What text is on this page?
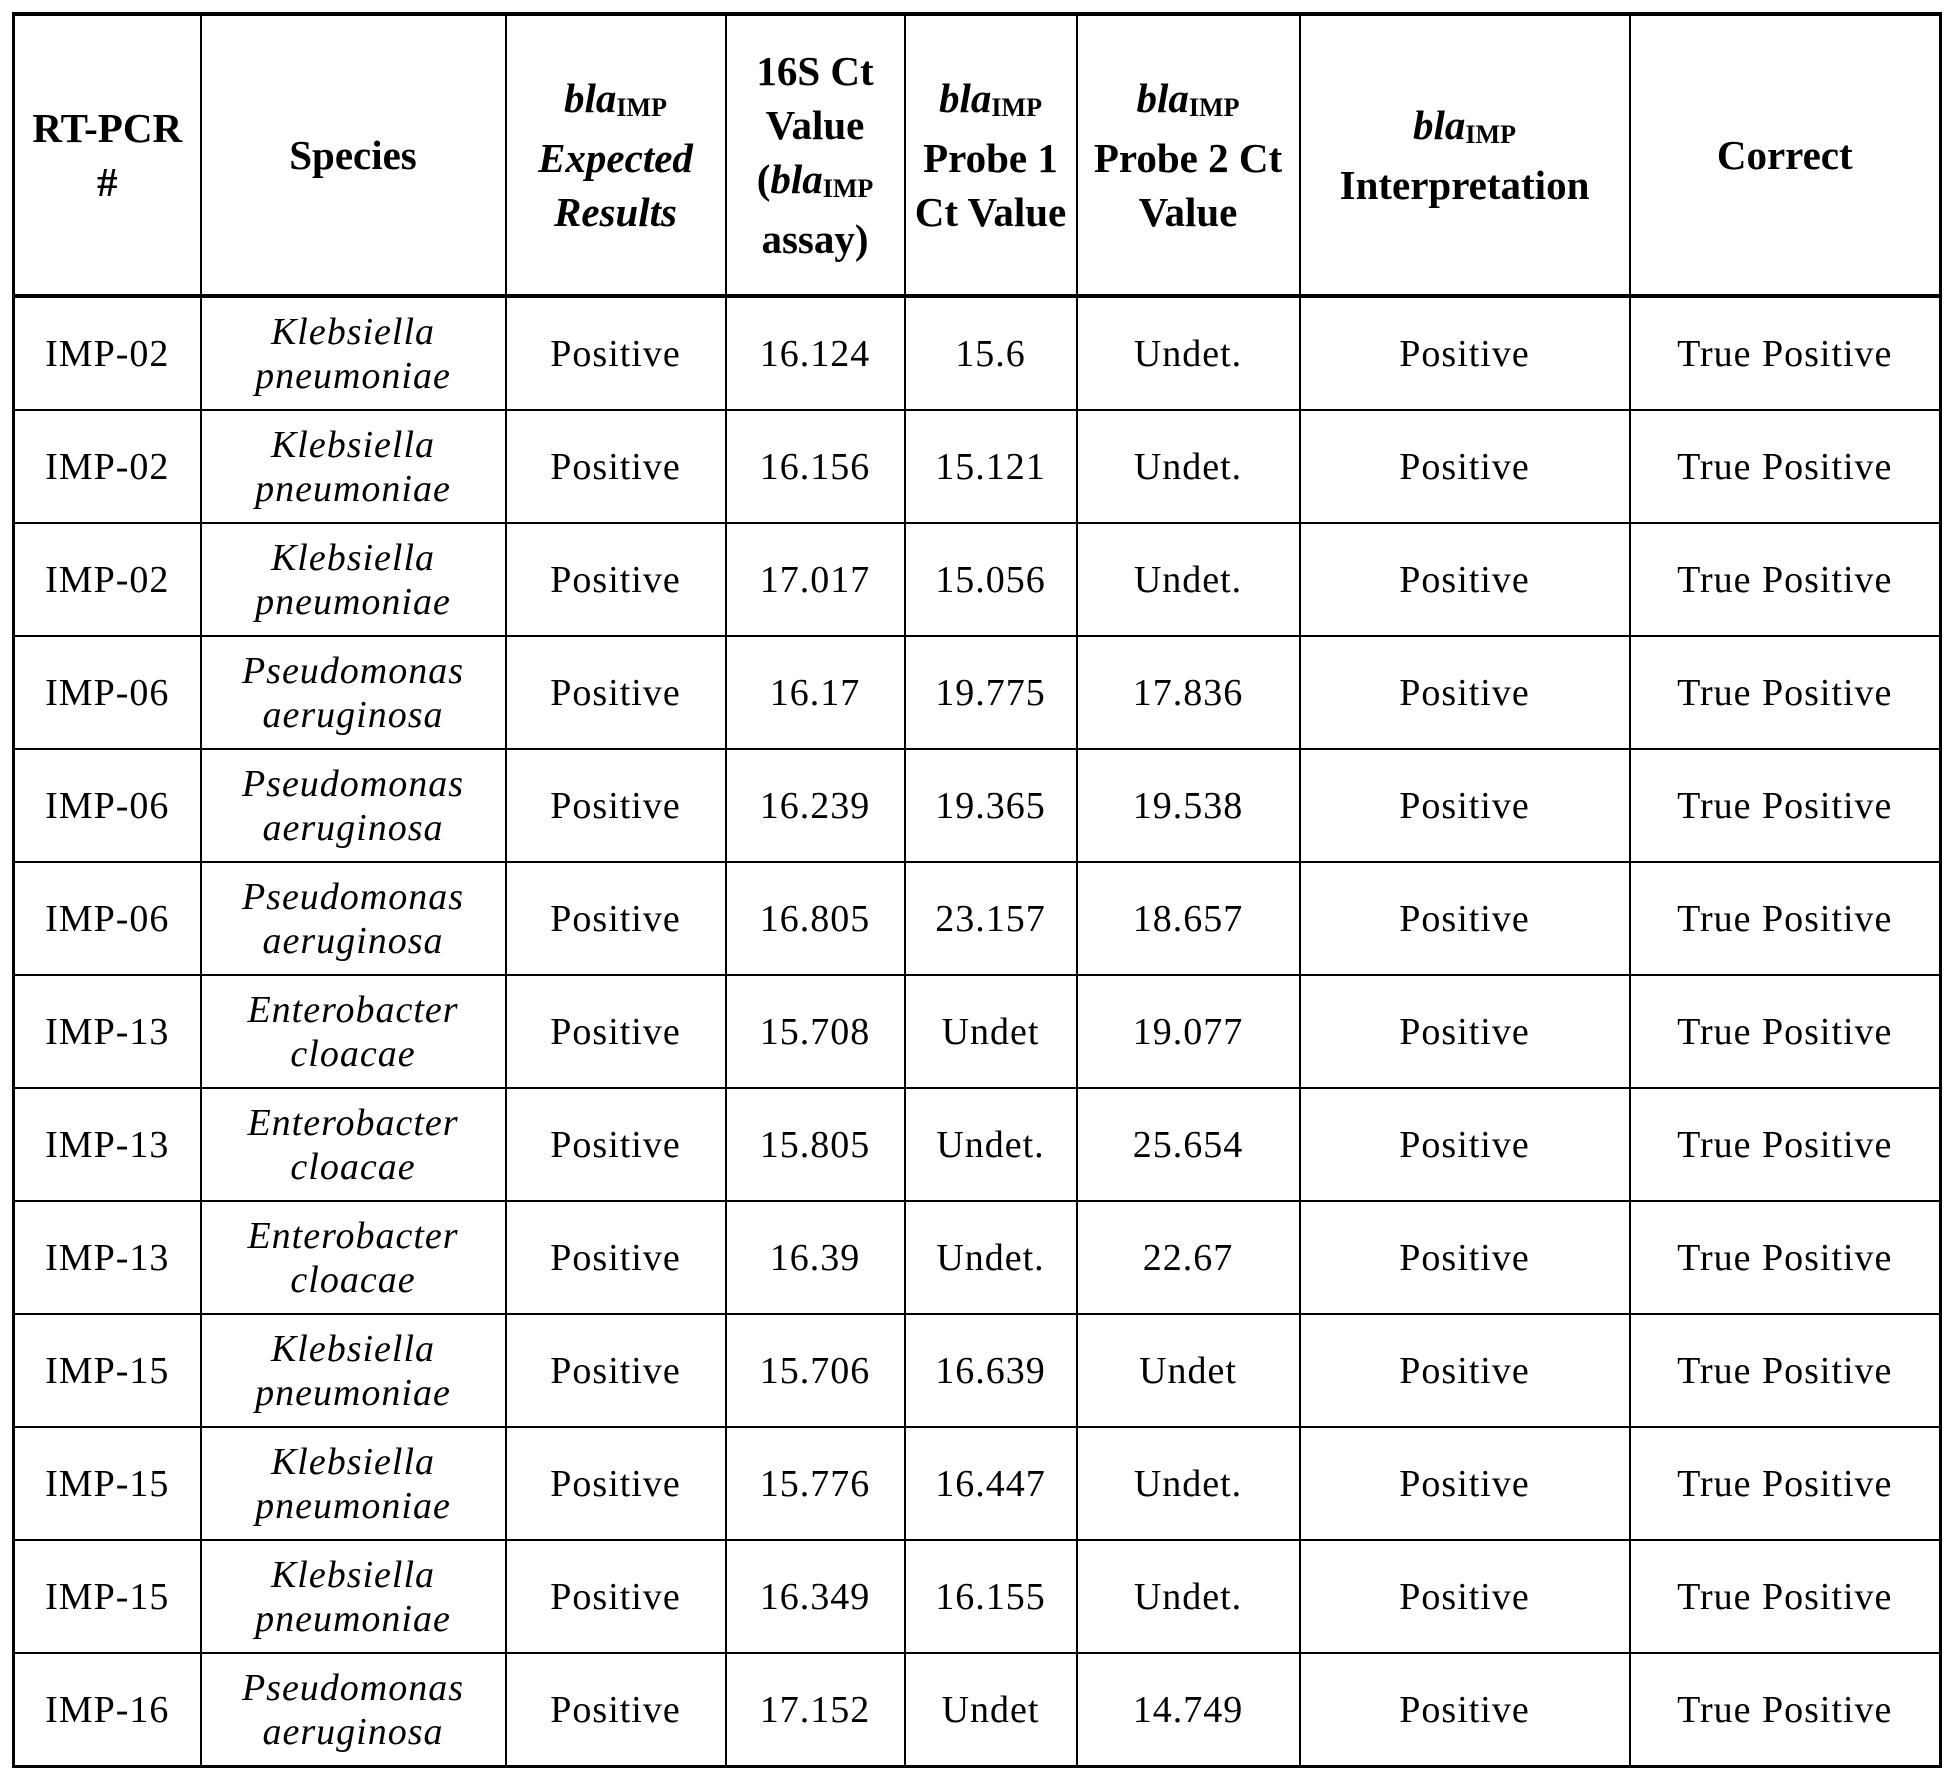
RT-PCR #	Species	blaIMP
Expected Results	16S Ct Value (blaIMP assay)	blaIMP
Probe 1 Ct Value	blaIMP
Probe 2 Ct Value	blaIMP
Interpretation	Correct
IMP-02	Klebsiella
pneumoniae	Positive	16.124	15.6	Undet.	Positive	True Positive
IMP-02	Klebsiella
pneumoniae	Positive	16.156	15.121	Undet.	Positive	True Positive
IMP-02	Klebsiella
pneumoniae	Positive	17.017	15.056	Undet.	Positive	True Positive
IMP-06	Pseudomonas
aeruginosa	Positive	16.17	19.775	17.836	Positive	True Positive
IMP-06	Pseudomonas
aeruginosa	Positive	16.239	19.365	19.538	Positive	True Positive
IMP-06	Pseudomonas
aeruginosa	Positive	16.805	23.157	18.657	Positive	True Positive
IMP-13	Enterobacter
cloacae	Positive	15.708	Undet	19.077	Positive	True Positive
IMP-13	Enterobacter
cloacae	Positive	15.805	Undet.	25.654	Positive	True Positive
IMP-13	Enterobacter
cloacae	Positive	16.39	Undet.	22.67	Positive	True Positive
IMP-15	Klebsiella
pneumoniae	Positive	15.706	16.639	Undet	Positive	True Positive
IMP-15	Klebsiella
pneumoniae	Positive	15.776	16.447	Undet.	Positive	True Positive
IMP-15	Klebsiella
pneumoniae	Positive	16.349	16.155	Undet.	Positive	True Positive
IMP-16	Pseudomonas
aeruginosa	Positive	17.152	Undet	14.749	Positive	True Positive
